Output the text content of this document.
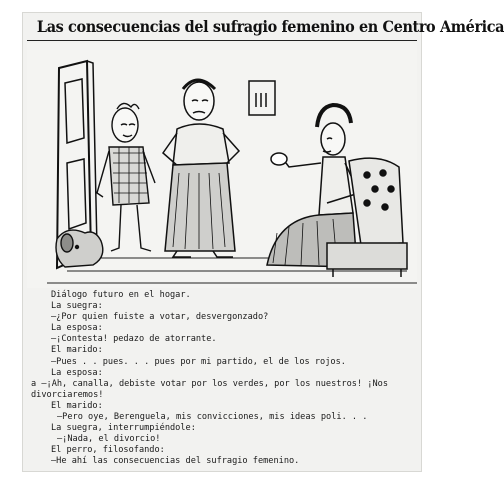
Las consecuencias del sufragio femenino en Centro América
Diálogo futuro en el hogar.
La suegra:
—¿Por quien fuiste a votar, desvergonzado?
La esposa:
—¡Contesta! pedazo de atorrante.
El marido:
—Pues . . pues. . . pues por mi partido, el de los rojos.
La esposa:
a —¡Ah, canalla, debiste votar por los verdes, por los nuestros! ¡Nos
divorciaremos!
El marido:
—Pero oye, Berenguela, mis convicciones, mis ideas poli. . .
La suegra, interrumpiéndole:
—¡Nada, el divorcio!
El perro, filosofando:
—He ahí las consecuencias del sufragio femenino.
